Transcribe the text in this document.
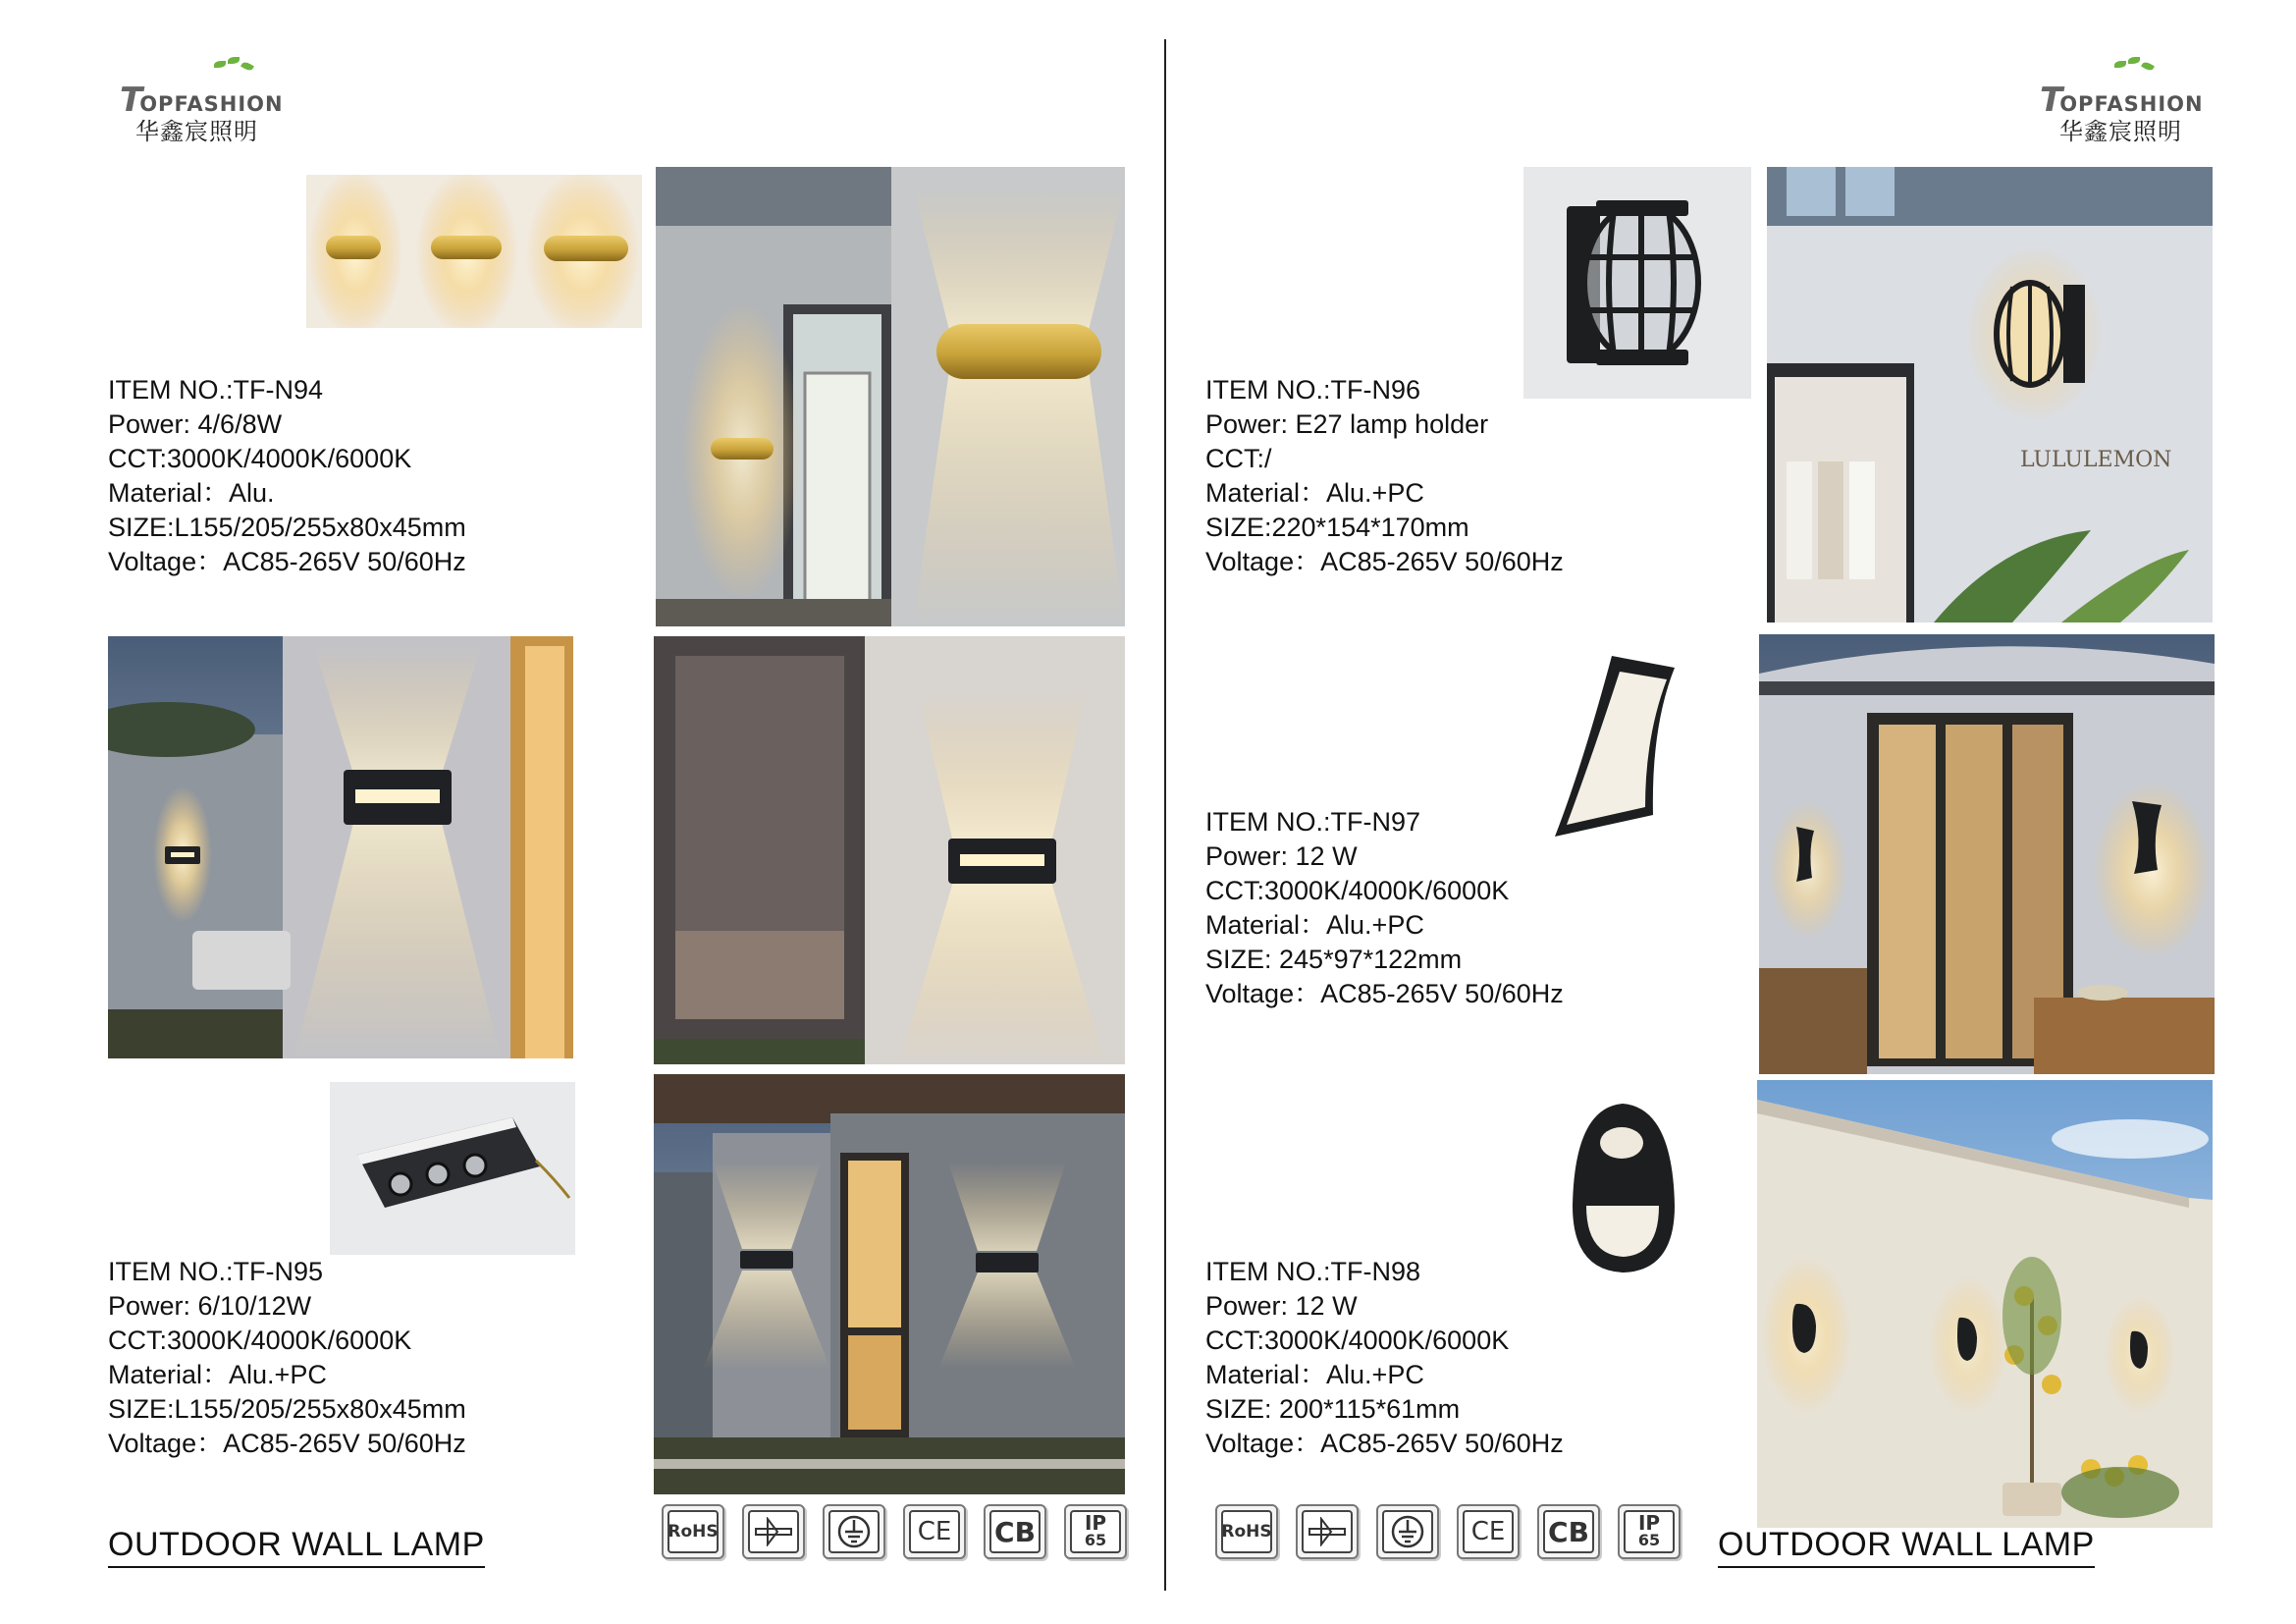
TOPFASHION
华鑫宸照明
TOPFASHION
华鑫宸照明
ITEM NO.:TF-N94
Power: 4/6/8W
CCT:3000K/4000K/6000K
Material：Alu.
SIZE:L155/205/255x80x45mm
Voltage：AC85-265V 50/60Hz
ITEM NO.:TF-N95
Power: 6/10/12W
CCT:3000K/4000K/6000K
Material：Alu.+PC
SIZE:L155/205/255x80x45mm
Voltage：AC85-265V 50/60Hz
RoHS	CE	CB	IP
65
OUTDOOR WALL LAMP
LULULEMON
ITEM NO.:TF-N96
Power: E27 lamp holder
CCT:/
Material：Alu.+PC
SIZE:220*154*170mm
Voltage：AC85-265V 50/60Hz
ITEM NO.:TF-N97
Power: 12 W
CCT:3000K/4000K/6000K
Material：Alu.+PC
SIZE: 245*97*122mm
Voltage：AC85-265V 50/60Hz
ITEM NO.:TF-N98
Power: 12 W
CCT:3000K/4000K/6000K
Material：Alu.+PC
SIZE: 200*115*61mm
Voltage：AC85-265V 50/60Hz
RoHS	CE	CB	IP
65 OUTDOOR WALL LAMP
